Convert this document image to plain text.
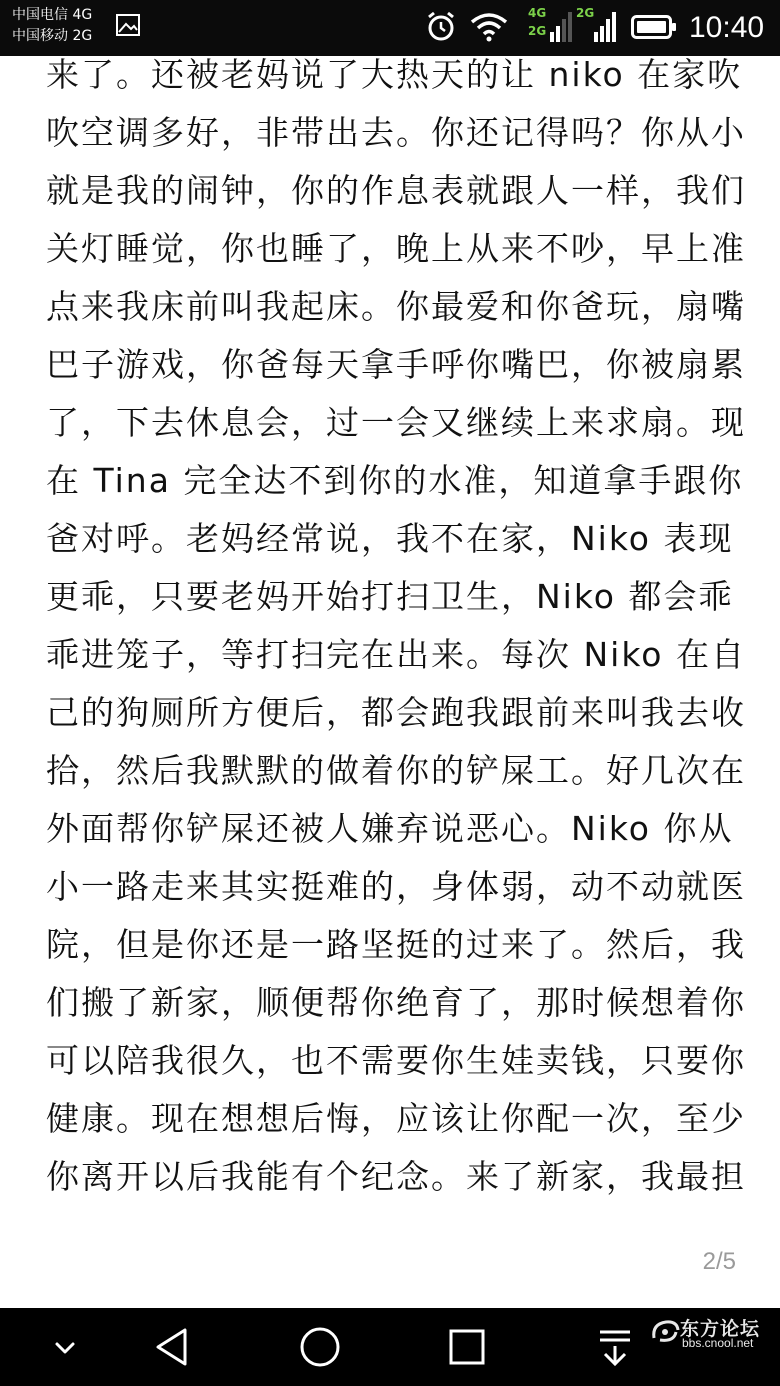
中国电信 4G
中国移动 2G
4G
2G
2G	10:40
来了。还被老妈说了大热天的让 niko 在家吹
吹空调多好，非带出去。你还记得吗？你从小
就是我的闹钟，你的作息表就跟人一样，我们
关灯睡觉，你也睡了，晚上从来不吵，早上准
点来我床前叫我起床。你最爱和你爸玩，扇嘴
巴子游戏，你爸每天拿手呼你嘴巴，你被扇累
了，下去休息会，过一会又继续上来求扇。现
在 Tina 完全达不到你的水准，知道拿手跟你
爸对呼。老妈经常说，我不在家，Niko 表现
更乖，只要老妈开始打扫卫生，Niko 都会乖
乖进笼子，等打扫完在出来。每次 Niko 在自
己的狗厕所方便后，都会跑我跟前来叫我去收
拾，然后我默默的做着你的铲屎工。好几次在
外面帮你铲屎还被人嫌弃说恶心。Niko 你从
小一路走来其实挺难的，身体弱，动不动就医
院，但是你还是一路坚挺的过来了。然后，我
们搬了新家，顺便帮你绝育了，那时候想着你
可以陪我很久，也不需要你生娃卖钱，只要你
健康。现在想想后悔，应该让你配一次，至少
你离开以后我能有个纪念。来了新家，我最担
2/5
东方论坛
bbs.cnool.net
